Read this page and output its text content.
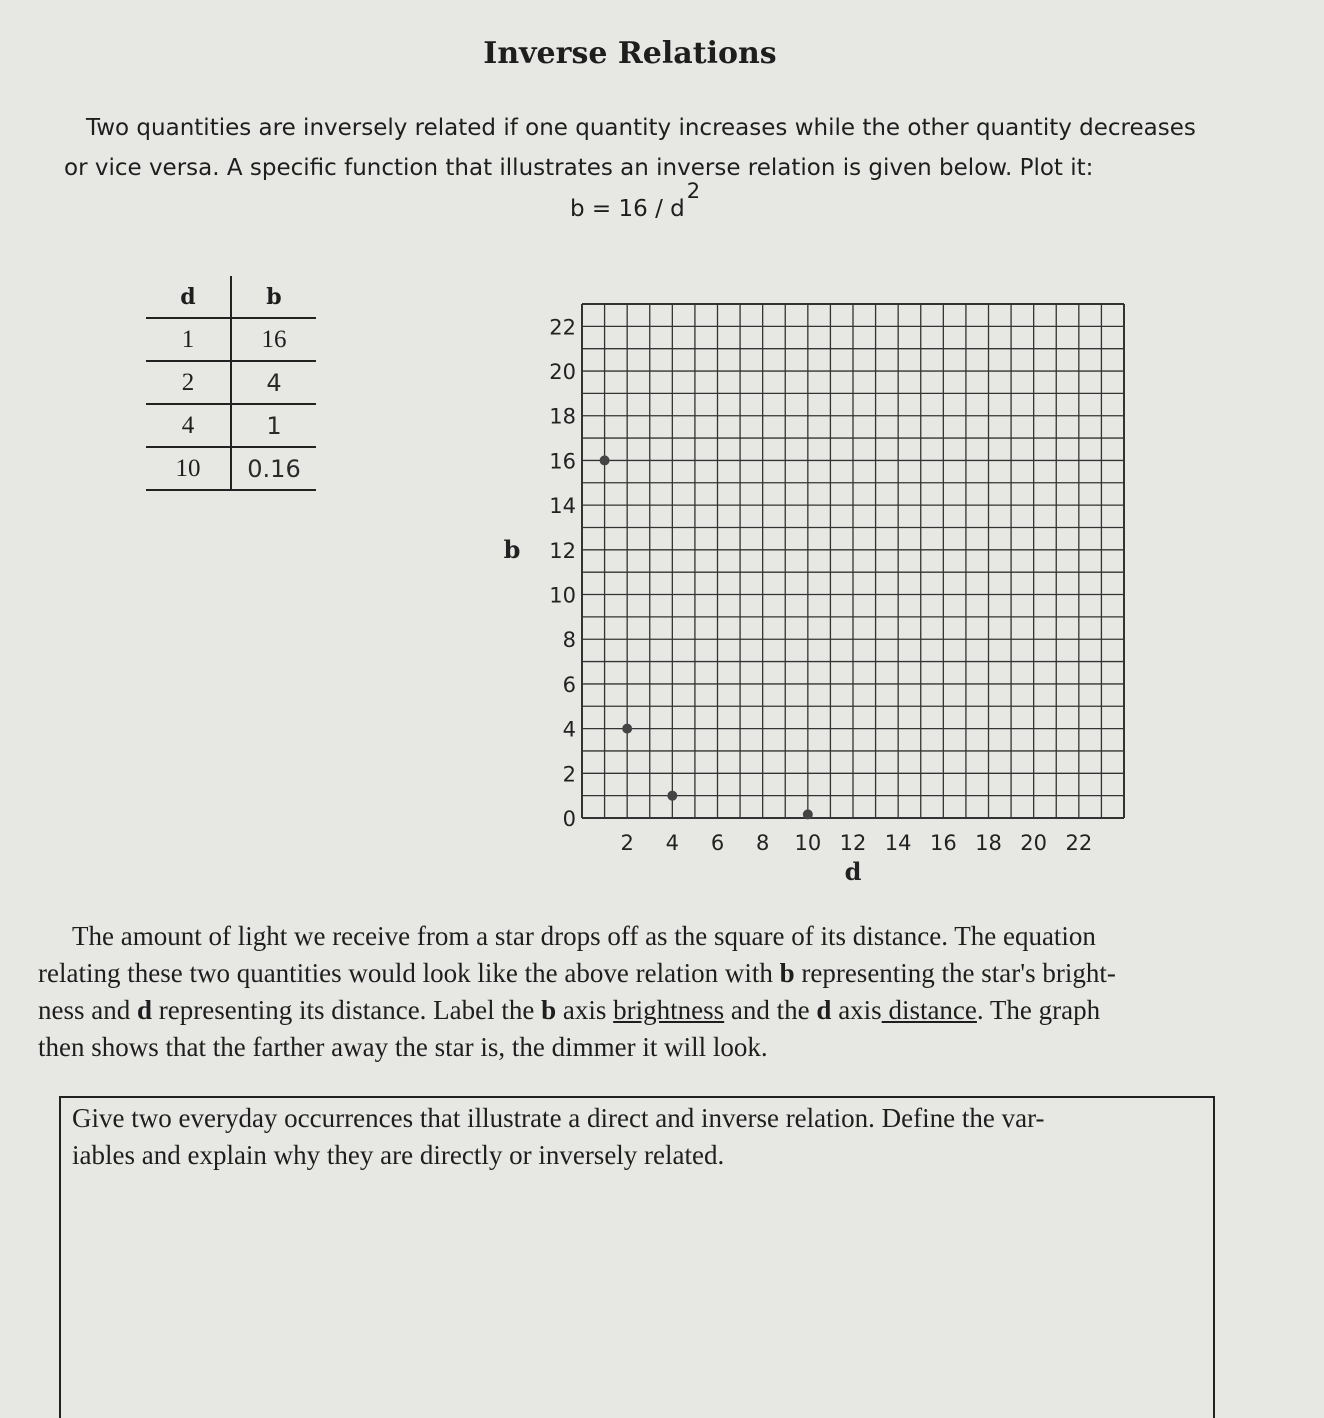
Inverse Relations
Two quantities are inversely related if one quantity increases while the other quantity decreases
or vice versa. A specific function that illustrates an inverse relation is given below. Plot it:
b = 16 / d2
d	b
1	16
2	4
4	1
10	0.16
0
2
4
6
8
10
12
14
16
18
20
22
2 4 6 8 10 12 14 16 18 20 22
b
d
The amount of light we receive from a star drops off as the square of its distance. The equation
relating these two quantities would look like the above relation with b representing the star's bright-
ness and d representing its distance. Label the b axis brightness and the d axis distance. The graph
then shows that the farther away the star is, the dimmer it will look.
Give two everyday occurrences that illustrate a direct and inverse relation. Define the var-
iables and explain why they are directly or inversely related.
